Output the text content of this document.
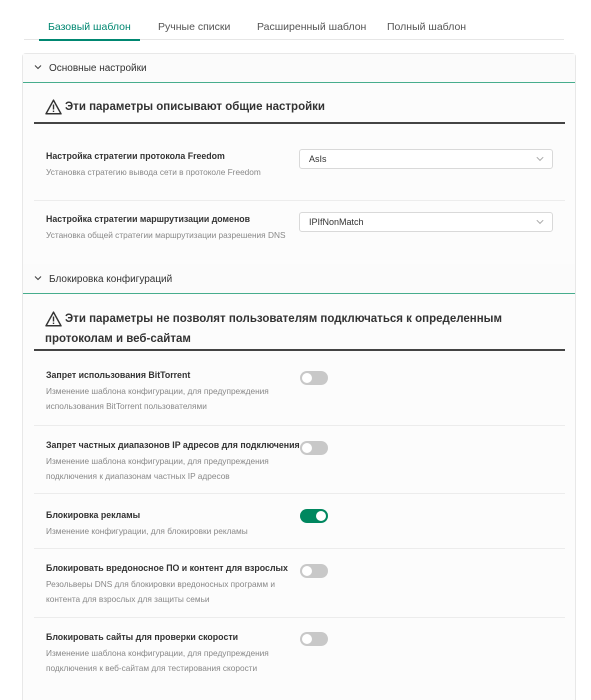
Базовый шаблон	Ручные списки	Расширенный шаблон Полный шаблон
Основные настройки
Эти параметры описывают общие настройки
Настройка стратегии протокола Freedom
Установка стратегию вывода сети в протоколе Freedom
AsIs
Настройка стратегии маршрутизации доменов
Установка общей стратегии маршрутизации разрешения DNS
IPIfNonMatch
Блокировка конфигураций
Эти параметры не позволят пользователям подключаться к определенным протоколам и веб-сайтам
Запрет использования BitTorrent
Изменение шаблона конфигурации, для предупреждения использования BitTorrent пользователями
Запрет частных диапазонов IP адресов для подключения
Изменение шаблона конфигурации, для предупреждения подключения к диапазонам частных IP адресов
Блокировка рекламы
Изменение конфигурации, для блокировки рекламы
Блокировать вредоносное ПО и контент для взрослых
Резольверы DNS для блокировки вредоносных программ и контента для взрослых для защиты семьи
Блокировать сайты для проверки скорости
Изменение шаблона конфигурации, для предупреждения подключения к веб-сайтам для тестирования скорости
